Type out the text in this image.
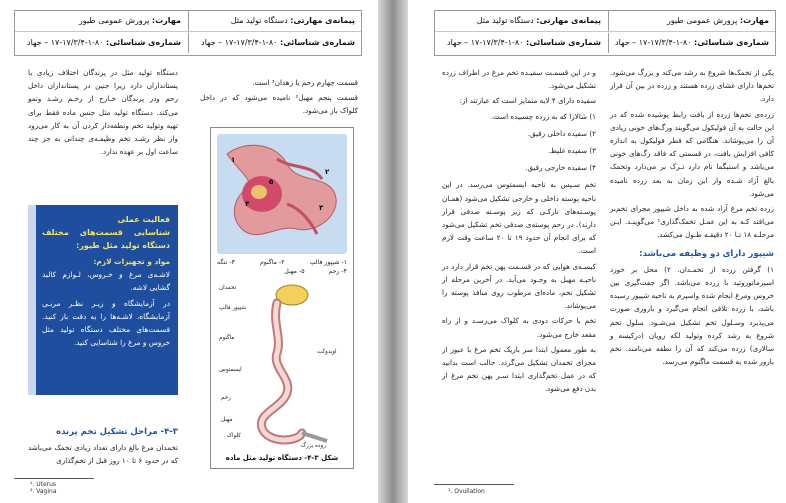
پیمانه‌ی مهارتی: دستگاه تولید مثل
مهارت: پرورش عمومی طیور
شماره‌ی شناسائی: ۸۰-۱-۱۷/۳/۴-۱۷ – جهاد
شماره‌ی شناسائی: ۸۰-۱-۱۷/۳/۴-۱۷ – جهاد

قسمت چهارم رحم یا زهدان¹ است.

قسمت پنجم مهبل² نامیده می‌شود که در داخل کلواک باز می‌شود.

دستگاه تولید مثل در پرندگان اختلاف زیادی با پستانداران دارد زیرا جنین در پستانداران داخل رحم ودر پرندگان خـارج از رحـم رشـد ونمو می‌کند. دستگاه تولید مثل جنس ماده فقط برای تهیه وتولید تخم ونطفه‌دار کردن آن به کار می‌رود واز نظر رشـد تخم وظیفـه‌ی چندانی به جز چند ساعت اول بر عهده ندارد.

فعالیت عملی
شناسایی قسمت‌های مختلف دستگاه تولید مثل طیور:
مواد و تجهیزات لازم:
لاشـه‌ی مرغ و خـروس، لـوازم کالبد گشایی لاشه.
در آزمایشگاه و زیـر نظـر مربـی آزمایشگاه، لاشـه‌ها را به دقت باز کنید. قسمت‌های مختلف دستگاه تولید مثل خروس و مرغ را شناسایی کنید.
۴-۳- مراحل تشکیل تخم پرنده

تخمدان مرغ بالغ دارای تعداد زیادی تخمک می‌باشد که در حدود ۶ تا ۱۰ روز قبل از تخم‌گذاری

۱
۲
۳
۴
۵
۱- شیپور فالپ
۲- ماگنوم
۳- تنگه
۴- رحم
۵- مهبل
تخمدان
شیپور فالپ
ماگنوم
ایسمتوس
اویدوکت
رحم
مهبل
کلواک
روده بزرگ
شکل ۳-۴- دستگاه تولید مثل ماده
¹. Uterus
². Vagina
مهارت: پرورش عمومی طیور
پیمانه‌ی مهارتی: دستگاه تولید مثل
شماره‌ی شناسائی: ۸۰-۱-۱۷/۳/۴-۱۷ – جهاد
شماره‌ی شناسائی: ۸۰-۱-۱۷/۳/۴-۱۷ – جهاد

یکی از تخمک‌ها شروع به رشد می‌کند و بزرگ می‌شود. تخم‌ها دارای غشای زرده هستند و زرده در بین آن قرار دارد.

زرده‌ی‌ تخم‌ها زرده از بافت رابط پوشیده شده که در این حالت به آن فولیکول می‌گویند ورگ‌های خونی زیادی آن را می‌پوشاند. هنگامی که قطر فولیکول به اندازه کافی افزایش یافت، در قسمتی که فاقد رگ‌های خونی می‌باشد و استیگما نام دارد تـرک بر می‌دارد وتخمک بالغ آزاد شـده واز این زمان به بعد زرده نامیده می‌شود.

زرده تخم مرغ آزاد شده به داخل شیپور مجرای تخم‌بر می‌افتد کـه به این عمـل تخمک‌گذاری¹ می‌گوینـد. ایـن مرحلـه ۱۸ تـا ۲۰ دقیقـه طـول می‌کشد.

شیپور دارای دو وظیفه می‌باشد:

۱) گرفتن زرده از تخمـدان. ۲) محل بر خورد اسپرماتوزوئید با زرده می‌باشد. اگر جفت‌گیری بین خروس ومرغ انجام شده واسپرم به ناحیه شیپور رسیده باشد، با زرده تلاقی انجام می‌گیرد و باروری صورت می‌پذیرد وسـلول تخم تشکیل می‌شـود. سلول تخم شروع به رشد کرده وتولید لکه رویان (درکیسه و سالاری) زرده می‌کند که آن را نطفه می‌نامند. تخم بارور شده به قسمت ماگنوم می‌رسد.

و در این قسمـت سفیـده تخم مرغ در اطراف زرده تشکیل می‌شود.

سفیده دارای ۴ لایه متمایز است که عبارتند از:

۱) شالازا که به زرده چسبیده است.
۲) سفیده داخلی رقیق.
۳) سفیده غلیظ.
۴) سفیده خارجی رقیق.

تخم سـپس به ناحیه ایسمتوس می‌رسد. در این ناحیه پوسته داخلی و خارجی تشکیل می‌شود (همـان پوسـته‌های نازکـی که زیر پوسـته صدفی قرار دارند). در رحم پوسته‌ی صدفی تخم تشکیل می‌شود که برای انجام آن حدود ۱۹ تا ۲۰ ساعت وقت لازم است.

کیسـه‌ی هوایی که در قسـمت پهن تخم قرار دارد در ناحیـه مهبل به وجـود می‌آید. در آخرین مرحله از تشکیل تخم، ماده‌ای مرطوب روی منافذ پوسته را می‌پوشاند.

تخم با حرکات دودی به کلواک می‌رسـد و از راه مقعد خارج می‌شود.

به طور معمول ابتدا سر باریک تخم مرغ با عبور از مجرای تخمدان تشکیل می‌گردد. جالب است بدانید که در عمل تخم‌گذاری ابتدا سـر پهن تخم مرغ از بدن دفع می‌شود.

¹. Ovullation
